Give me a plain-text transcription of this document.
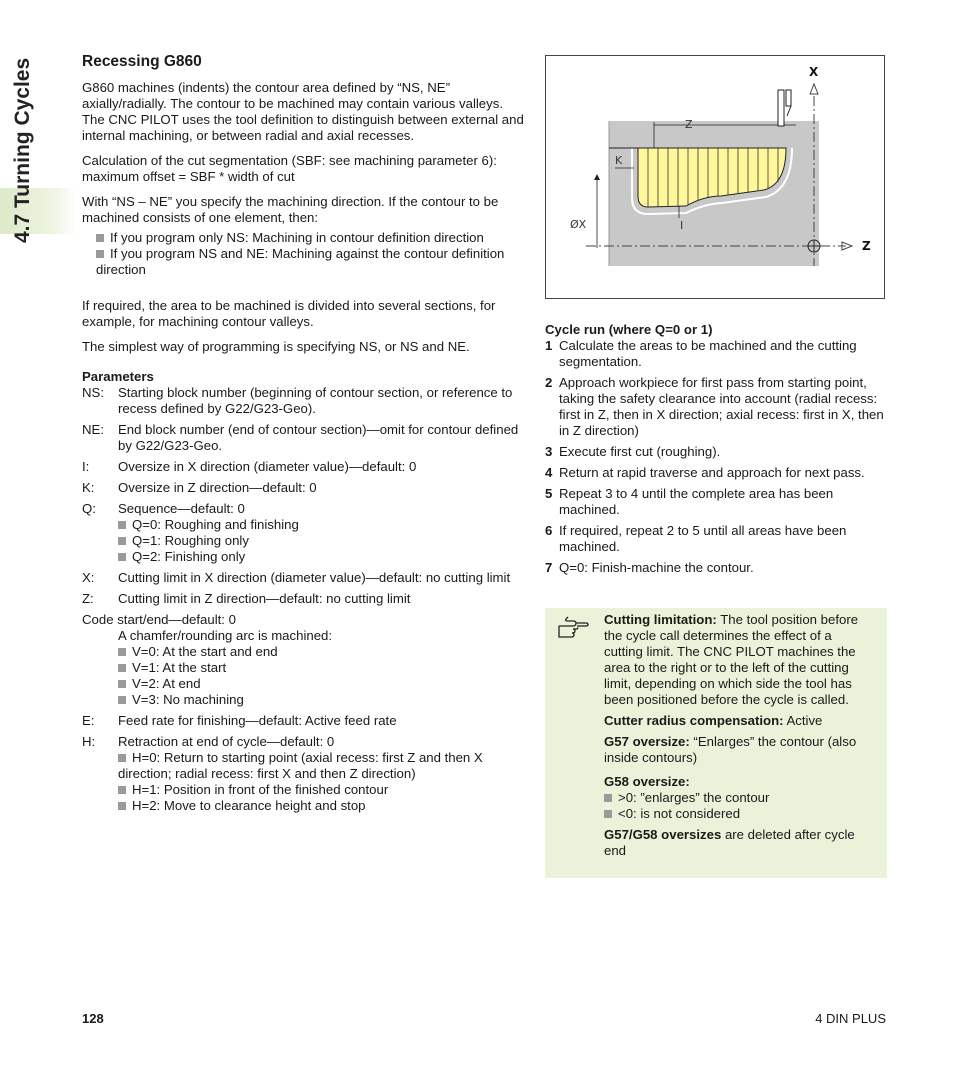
4.7 Turning Cycles	Recessing G860

G860 machines (indents) the contour area defined by “NS, NE” axially/radially. The contour to be machined may contain various valleys. The CNC PILOT uses the tool definition to distinguish between external and internal machining, or between radial and axial recesses.

Calculation of the cut segmentation (SBF: see machining parameter 6): maximum offset = SBF * width of cut

With “NS – NE” you specify the machining direction. If the contour to be machined consists of one element, then:

If you program only NS: Machining in contour definition direction
If you program NS and NE: Machining against the contour definition direction

If required, the area to be machined is divided into several sections, for example, for machining contour valleys.

The simplest way of programming is specifying NS, or NS and NE.

Parameters
NS:	Starting block number (beginning of contour section, or reference to recess defined by G22/G23-Geo).
NE:	End block number (end of contour section)—omit for contour defined by G22/G23-Geo.
I:	Oversize in X direction (diameter value)—default: 0
K:	Oversize in Z direction—default: 0
Q:	Sequence—default: 0
Q=0: Roughing and finishing
Q=1: Roughing only
Q=2: Finishing only
X:	Cutting limit in X direction (diameter value)—default: no cutting limit
Z:	Cutting limit in Z direction—default: no cutting limit
Code start/end—default: 0
A chamfer/rounding arc is machined:
V=0: At the start and end
V=1: At the start
V=2: At end
V=3: No machining
E:	Feed rate for finishing—default: Active feed rate
H:	Retraction at end of cycle—default: 0
H=0: Return to starting point (axial recess: first Z and then X direction; radial recess: first X and then Z direction)
H=1: Position in front of the finished contour
H=2: Move to clearance height and stop
Z
K
ØX	I
Z
X
Cycle run (where Q=0 or 1)
1 Calculate the areas to be machined and the cutting segmentation.
2 Approach workpiece for first pass from starting point, taking the safety clearance into account (radial recess: first in Z, then in X direction; axial recess: first in X, then in Z direction)
3 Execute first cut (roughing).
4 Return at rapid traverse and approach for next pass.
5 Repeat 3 to 4 until the complete area has been machined.
6 If required, repeat 2 to 5 until all areas have been machined.
7 Q=0: Finish-machine the contour.

Cutting limitation: The tool position before the cycle call determines the effect of a cutting limit. The CNC PILOT machines the area to the right or to the left of the cutting limit, depending on which side the tool has been positioned before the cycle is called.

Cutter radius compensation: Active

G57 oversize: “Enlarges” the contour (also inside contours)

G58 oversize:

>0: ”enlarges” the contour
<0: is not considered

G57/G58 oversizes are deleted after cycle end

128	4 DIN PLUS
